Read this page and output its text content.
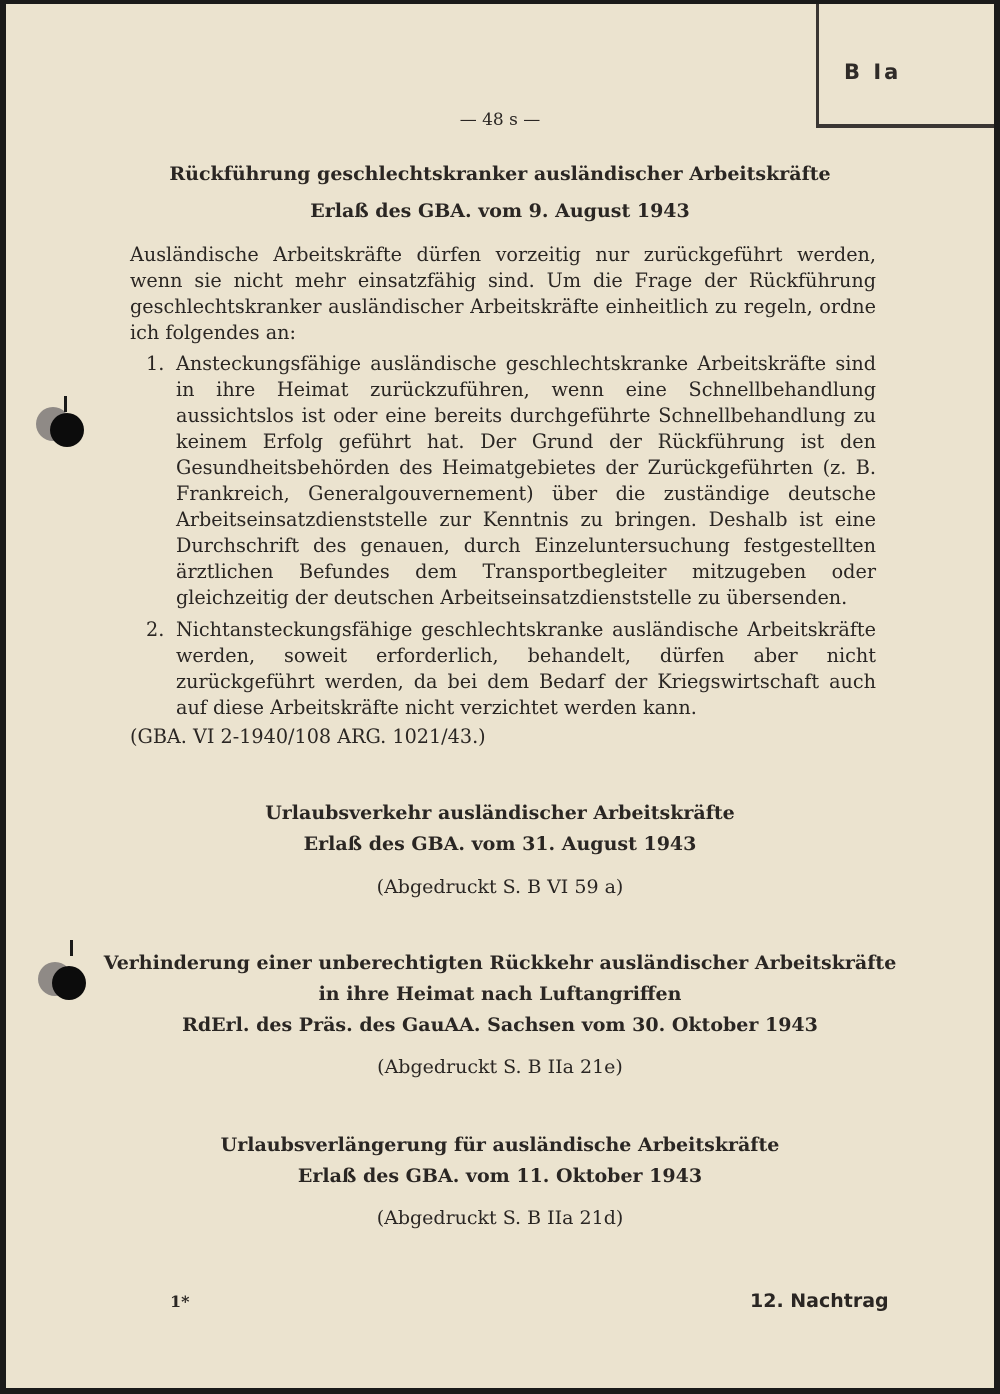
B Ia
— 48 s —
Rückführung geschlechtskranker ausländischer Arbeitskräfte
Erlaß des GBA. vom 9. August 1943
Ausländische Arbeitskräfte dürfen vorzeitig nur zurückgeführt werden, wenn sie nicht mehr einsatzfähig sind. Um die Frage der Rückführung geschlechtskranker ausländischer Arbeitskräfte einheitlich zu regeln, ordne ich folgendes an:
1. Ansteckungsfähige ausländische geschlechtskranke Arbeitskräfte sind in ihre Heimat zurückzuführen, wenn eine Schnellbehandlung aussichtslos ist oder eine bereits durchgeführte Schnellbehandlung zu keinem Erfolg geführt hat. Der Grund der Rückführung ist den Gesundheitsbehörden des Heimatgebietes der Zurückgeführten (z. B. Frankreich, Generalgouvernement) über die zuständige deutsche Arbeitseinsatzdienststelle zur Kenntnis zu bringen. Deshalb ist eine Durchschrift des genauen, durch Einzeluntersuchung festgestellten ärztlichen Befundes dem Transportbegleiter mitzugeben oder gleichzeitig der deutschen Arbeitseinsatzdienststelle zu übersenden.
2. Nichtansteckungsfähige geschlechtskranke ausländische Arbeitskräfte werden, soweit erforderlich, behandelt, dürfen aber nicht zurückgeführt werden, da bei dem Bedarf der Kriegswirtschaft auch auf diese Arbeitskräfte nicht verzichtet werden kann.
(GBA. VI 2-1940/108 ARG. 1021/43.)
Urlaubsverkehr ausländischer Arbeitskräfte
Erlaß des GBA. vom 31. August 1943
(Abgedruckt S. B VI 59 a)
Verhinderung einer unberechtigten Rückkehr ausländischer Arbeitskräfte
in ihre Heimat nach Luftangriffen
RdErl. des Präs. des GauAA. Sachsen vom 30. Oktober 1943
(Abgedruckt S. B IIa 21e)
Urlaubsverlängerung für ausländische Arbeitskräfte
Erlaß des GBA. vom 11. Oktober 1943
(Abgedruckt S. B IIa 21d)
1*	12. Nachtrag
